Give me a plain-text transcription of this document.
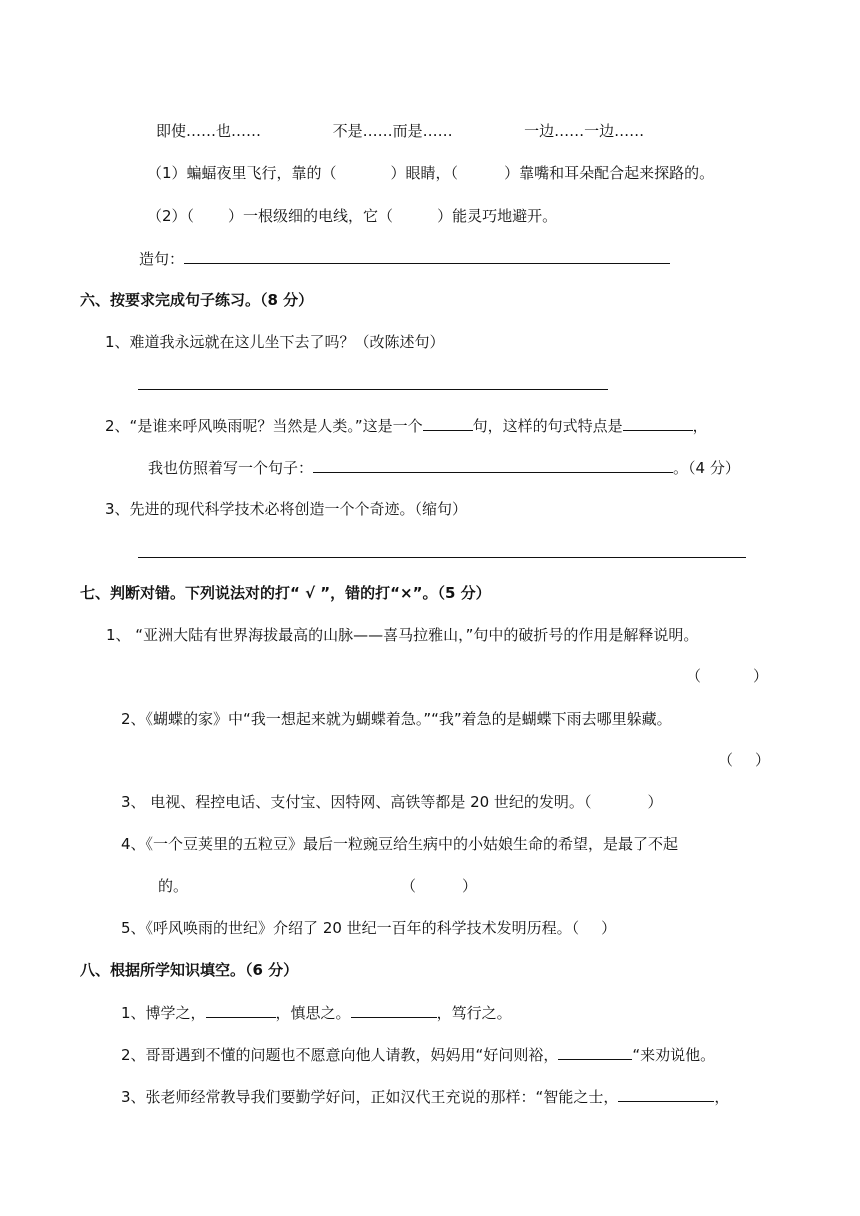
即使……也……	不是……而是……	一边……一边……
（1）蝙蝠夜里飞行，靠的（	）眼睛，（	）靠嘴和耳朵配合起来探路的。
（2）（ ）一根级细的电线，它（	）能灵巧地避开。
造句：
六、按要求完成句子练习。（8 分）
1、难道我永远就在这儿坐下去了吗？（改陈述句）
2、“是谁来呼风唤雨呢？当然是人类。”这是一个	句，这样的句式特点是	，
我也仿照着写一个句子：	。（4 分）
3、先进的现代科学技术必将创造一个个奇迹。（缩句）
七、判断对错。下列说法对的打“ √ ”，错的打“×”。（5 分）
1、 “亚洲大陆有世界海拔最高的山脉——喜马拉雅山，”句中的破折号的作用是解释说明。
（	）
2、《蝴蝶的家》中“我一想起来就为蝴蝶着急。”“我”着急的是蝴蝶下雨去哪里躲藏。
（ ）
3、 电视、程控电话、支付宝、因特网、高铁等都是 20 世纪的发明。（	）
4、《一个豆荚里的五粒豆》最后一粒豌豆给生病中的小姑娘生命的希望，是最了不起
的。	（	）
5、《呼风唤雨的世纪》介绍了 20 世纪一百年的科学技术发明历程。（ ）
八、根据所学知识填空。（6 分）
1、博学之，	，慎思之。	，笃行之。
2、哥哥遇到不懂的问题也不愿意向他人请教，妈妈用“好问则裕，	“来劝说他。
3、张老师经常教导我们要勤学好问，正如汉代王充说的那样：“智能之士，	，
